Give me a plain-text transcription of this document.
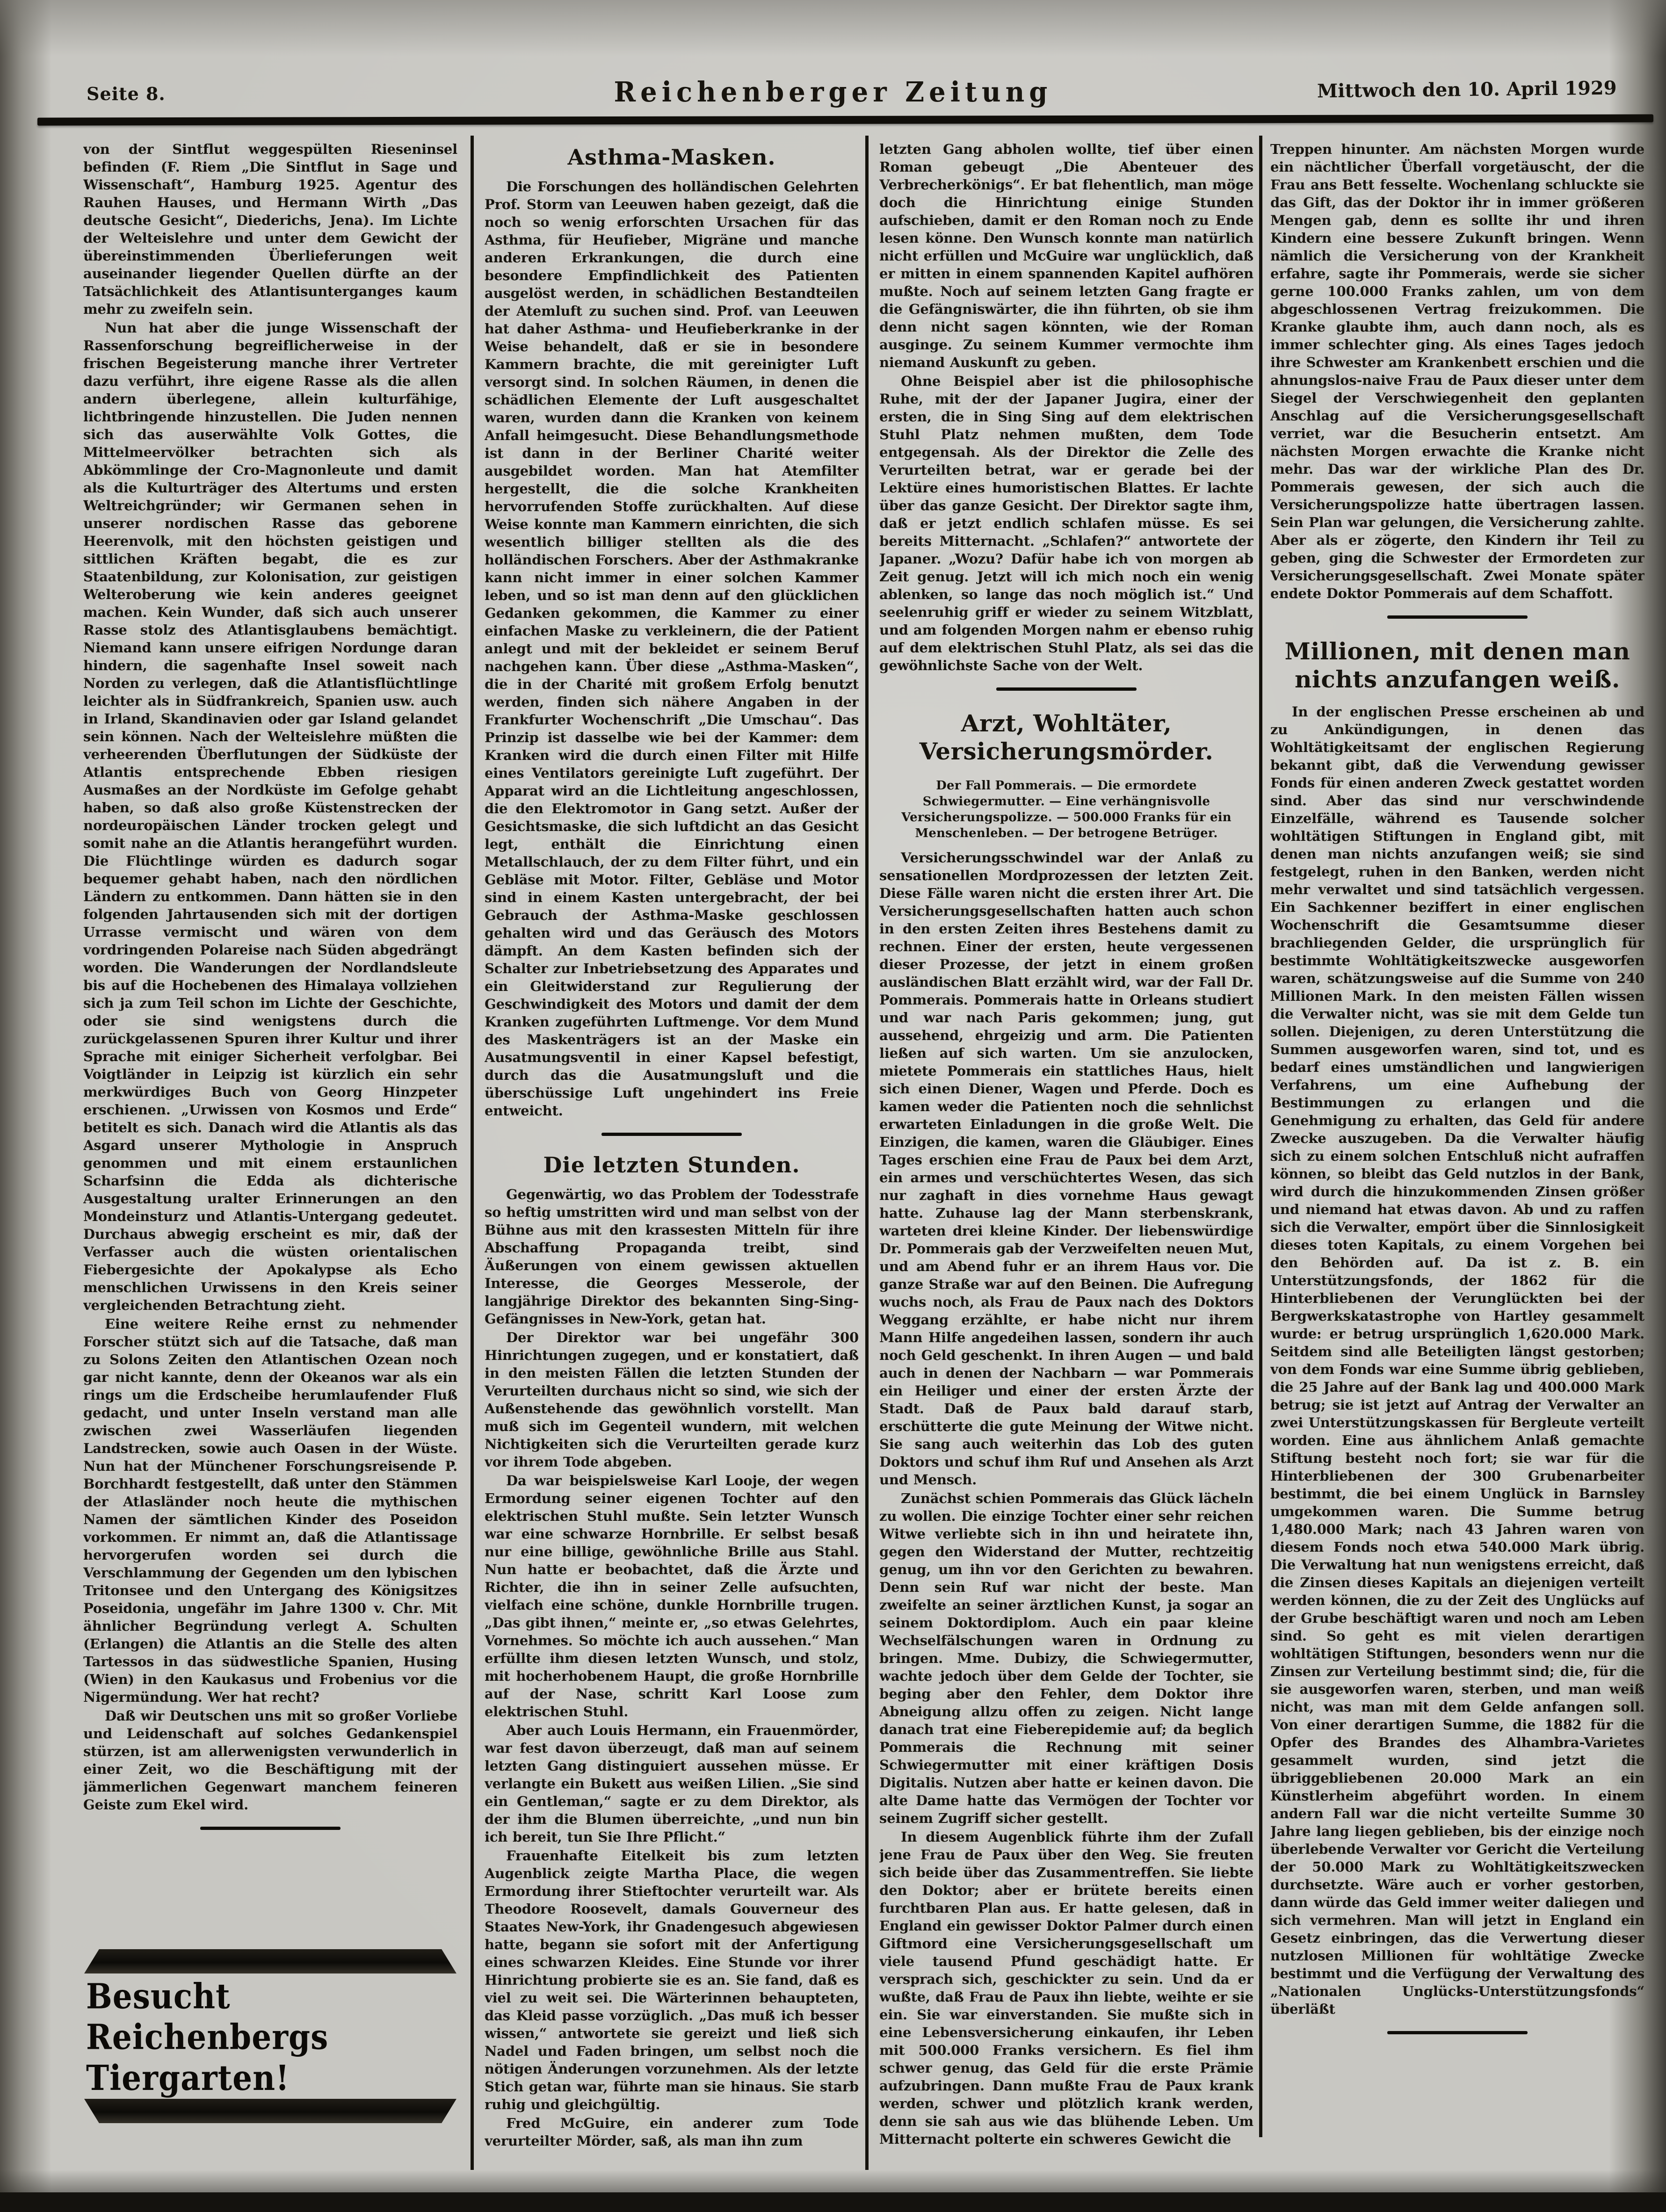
Seite 8.	Reichenberger Zeitung	Mittwoch den 10. April 1929
von der Sintflut weggespülten Rieseninsel befinden (F. Riem „Die Sintflut in Sage und Wissenschaft“, Hamburg 1925. Agentur des Rauhen Hauses, und Hermann Wirth „Das deutsche Gesicht“, Diederichs, Jena). Im Lichte der Welteislehre und unter dem Gewicht der übereinstimmenden Überlieferungen weit auseinander liegender Quellen dürfte an der Tatsächlichkeit des Atlantisunterganges kaum mehr zu zweifeln sein.
Nun hat aber die junge Wissenschaft der Rassenforschung begreiflicherweise in der frischen Begeisterung manche ihrer Vertreter dazu verführt, ihre eigene Rasse als die allen andern überlegene, allein kulturfähige, lichtbringende hinzustellen. Die Juden nennen sich das auserwählte Volk Gottes, die Mittelmeervölker betrachten sich als Abkömmlinge der Cro-Magnonleute und damit als die Kulturträger des Altertums und ersten Weltreichgründer; wir Germanen sehen in unserer nordischen Rasse das geborene Heerenvolk, mit den höchsten geistigen und sittlichen Kräften begabt, die es zur Staatenbildung, zur Kolonisation, zur geistigen Welteroberung wie kein anderes geeignet machen. Kein Wunder, daß sich auch unserer Rasse stolz des Atlantisglaubens bemächtigt. Niemand kann unsere eifrigen Nordunge daran hindern, die sagenhafte Insel soweit nach Norden zu verlegen, daß die Atlantisflüchtlinge leichter als in Südfrankreich, Spanien usw. auch in Irland, Skandinavien oder gar Island gelandet sein können. Nach der Welteislehre müßten die verheerenden Überflutungen der Südküste der Atlantis entsprechende Ebben riesigen Ausmaßes an der Nordküste im Gefolge gehabt haben, so daß also große Küstenstrecken der nordeuropäischen Länder trocken gelegt und somit nahe an die Atlantis herangeführt wurden. Die Flüchtlinge würden es dadurch sogar bequemer gehabt haben, nach den nördlichen Ländern zu entkommen. Dann hätten sie in den folgenden Jahrtausenden sich mit der dortigen Urrasse vermischt und wären von dem vordringenden Polareise nach Süden abgedrängt worden. Die Wanderungen der Nordlandsleute bis auf die Hochebenen des Himalaya vollziehen sich ja zum Teil schon im Lichte der Geschichte, oder sie sind wenigstens durch die zurückgelassenen Spuren ihrer Kultur und ihrer Sprache mit einiger Sicherheit verfolgbar. Bei Voigtländer in Leipzig ist kürzlich ein sehr merkwürdiges Buch von Georg Hinzpeter erschienen. „Urwissen von Kosmos und Erde“ betitelt es sich. Danach wird die Atlantis als das Asgard unserer Mythologie in Anspruch genommen und mit einem erstaunlichen Scharfsinn die Edda als dichterische Ausgestaltung uralter Erinnerungen an den Mondeinsturz und Atlantis-Untergang gedeutet. Durchaus abwegig erscheint es mir, daß der Verfasser auch die wüsten orientalischen Fiebergesichte der Apokalypse als Echo menschlichen Urwissens in den Kreis seiner vergleichenden Betrachtung zieht.
Eine weitere Reihe ernst zu nehmender Forscher stützt sich auf die Tatsache, daß man zu Solons Zeiten den Atlantischen Ozean noch gar nicht kannte, denn der Okeanos war als ein rings um die Erdscheibe herumlaufender Fluß gedacht, und unter Inseln verstand man alle zwischen zwei Wasserläufen liegenden Landstrecken, sowie auch Oasen in der Wüste. Nun hat der Münchener Forschungsreisende P. Borchhardt festgestellt, daß unter den Stämmen der Atlasländer noch heute die mythischen Namen der sämtlichen Kinder des Poseidon vorkommen. Er nimmt an, daß die Atlantissage hervorgerufen worden sei durch die Verschlammung der Gegenden um den lybischen Tritonsee und den Untergang des Königsitzes Poseidonia, ungefähr im Jahre 1300 v. Chr. Mit ähnlicher Begründung verlegt A. Schulten (Erlangen) die Atlantis an die Stelle des alten Tartessos in das südwestliche Spanien, Husing (Wien) in den Kaukasus und Frobenius vor die Nigermündung. Wer hat recht?
Daß wir Deutschen uns mit so großer Vorliebe und Leidenschaft auf solches Gedankenspiel stürzen, ist am allerwenigsten verwunderlich in einer Zeit, wo die Beschäftigung mit der jämmerlichen Gegenwart manchem feineren Geiste zum Ekel wird.
Besucht Reichenbergs Tiergarten!
Asthma-Masken.
Die Forschungen des holländischen Gelehrten Prof. Storm van Leeuwen haben gezeigt, daß die noch so wenig erforschten Ursachen für das Asthma, für Heufieber, Migräne und manche anderen Erkrankungen, die durch eine besondere Empfindlichkeit des Patienten ausgelöst werden, in schädlichen Bestandteilen der Atemluft zu suchen sind. Prof. van Leeuwen hat daher Asthma- und Heufieberkranke in der Weise behandelt, daß er sie in besondere Kammern brachte, die mit gereinigter Luft versorgt sind. In solchen Räumen, in denen die schädlichen Elemente der Luft ausgeschaltet waren, wurden dann die Kranken von keinem Anfall heimgesucht. Diese Behandlungsmethode ist dann in der Berliner Charité weiter ausgebildet worden. Man hat Atemfilter hergestellt, die die solche Krankheiten hervorrufenden Stoffe zurückhalten. Auf diese Weise konnte man Kammern einrichten, die sich wesentlich billiger stellten als die des holländischen Forschers. Aber der Asthmakranke kann nicht immer in einer solchen Kammer leben, und so ist man denn auf den glücklichen Gedanken gekommen, die Kammer zu einer einfachen Maske zu verkleinern, die der Patient anlegt und mit der bekleidet er seinem Beruf nachgehen kann. Über diese „Asthma-Masken“, die in der Charité mit großem Erfolg benutzt werden, finden sich nähere Angaben in der Frankfurter Wochenschrift „Die Umschau“. Das Prinzip ist dasselbe wie bei der Kammer: dem Kranken wird die durch einen Filter mit Hilfe eines Ventilators gereinigte Luft zugeführt. Der Apparat wird an die Lichtleitung angeschlossen, die den Elektromotor in Gang setzt. Außer der Gesichtsmaske, die sich luftdicht an das Gesicht legt, enthält die Einrichtung einen Metallschlauch, der zu dem Filter führt, und ein Gebläse mit Motor. Filter, Gebläse und Motor sind in einem Kasten untergebracht, der bei Gebrauch der Asthma-Maske geschlossen gehalten wird und das Geräusch des Motors dämpft. An dem Kasten befinden sich der Schalter zur Inbetriebsetzung des Apparates und ein Gleitwiderstand zur Regulierung der Geschwindigkeit des Motors und damit der dem Kranken zugeführten Luftmenge. Vor dem Mund des Maskenträgers ist an der Maske ein Ausatmungsventil in einer Kapsel befestigt, durch das die Ausatmungsluft und die überschüssige Luft ungehindert ins Freie entweicht.
Die letzten Stunden.
Gegenwärtig, wo das Problem der Todesstrafe so heftig umstritten wird und man selbst von der Bühne aus mit den krassesten Mitteln für ihre Abschaffung Propaganda treibt, sind Äußerungen von einem gewissen aktuellen Interesse, die Georges Messerole, der langjährige Direktor des bekannten Sing-Sing-Gefängnisses in New-York, getan hat.
Der Direktor war bei ungefähr 300 Hinrichtungen zugegen, und er konstatiert, daß in den meisten Fällen die letzten Stunden der Verurteilten durchaus nicht so sind, wie sich der Außenstehende das gewöhnlich vorstellt. Man muß sich im Gegenteil wundern, mit welchen Nichtigkeiten sich die Verurteilten gerade kurz vor ihrem Tode abgeben.
Da war beispielsweise Karl Looje, der wegen Ermordung seiner eigenen Tochter auf den elektrischen Stuhl mußte. Sein letzter Wunsch war eine schwarze Hornbrille. Er selbst besaß nur eine billige, gewöhnliche Brille aus Stahl. Nun hatte er beobachtet, daß die Ärzte und Richter, die ihn in seiner Zelle aufsuchten, vielfach eine schöne, dunkle Hornbrille trugen. „Das gibt ihnen,“ meinte er, „so etwas Gelehrtes, Vornehmes. So möchte ich auch aussehen.“ Man erfüllte ihm diesen letzten Wunsch, und stolz, mit hocherhobenem Haupt, die große Hornbrille auf der Nase, schritt Karl Loose zum elektrischen Stuhl.
Aber auch Louis Hermann, ein Frauenmörder, war fest davon überzeugt, daß man auf seinem letzten Gang distinguiert aussehen müsse. Er verlangte ein Bukett aus weißen Lilien. „Sie sind ein Gentleman,“ sagte er zu dem Direktor, als der ihm die Blumen überreichte, „und nun bin ich bereit, tun Sie Ihre Pflicht.“
Frauenhafte Eitelkeit bis zum letzten Augenblick zeigte Martha Place, die wegen Ermordung ihrer Stieftochter verurteilt war. Als Theodore Roosevelt, damals Gouverneur des Staates New-York, ihr Gnadengesuch abgewiesen hatte, begann sie sofort mit der Anfertigung eines schwarzen Kleides. Eine Stunde vor ihrer Hinrichtung probierte sie es an. Sie fand, daß es viel zu weit sei. Die Wärterinnen behaupteten, das Kleid passe vorzüglich. „Das muß ich besser wissen,“ antwortete sie gereizt und ließ sich Nadel und Faden bringen, um selbst noch die nötigen Änderungen vorzunehmen. Als der letzte Stich getan war, führte man sie hinaus. Sie starb ruhig und gleichgültig.
Fred McGuire, ein anderer zum Tode verurteilter Mörder, saß, als man ihn zum
letzten Gang abholen wollte, tief über einen Roman gebeugt „Die Abenteuer des Verbrecherkönigs“. Er bat flehentlich, man möge doch die Hinrichtung einige Stunden aufschieben, damit er den Roman noch zu Ende lesen könne. Den Wunsch konnte man natürlich nicht erfüllen und McGuire war unglücklich, daß er mitten in einem spannenden Kapitel aufhören mußte. Noch auf seinem letzten Gang fragte er die Gefängniswärter, die ihn führten, ob sie ihm denn nicht sagen könnten, wie der Roman ausginge. Zu seinem Kummer vermochte ihm niemand Auskunft zu geben.
Ohne Beispiel aber ist die philosophische Ruhe, mit der der Japaner Jugira, einer der ersten, die in Sing Sing auf dem elektrischen Stuhl Platz nehmen mußten, dem Tode entgegensah. Als der Direktor die Zelle des Verurteilten betrat, war er gerade bei der Lektüre eines humoristischen Blattes. Er lachte über das ganze Gesicht. Der Direktor sagte ihm, daß er jetzt endlich schlafen müsse. Es sei bereits Mitternacht. „Schlafen?“ antwortete der Japaner. „Wozu? Dafür habe ich von morgen ab Zeit genug. Jetzt will ich mich noch ein wenig ablenken, so lange das noch möglich ist.“ Und seelenruhig griff er wieder zu seinem Witzblatt, und am folgenden Morgen nahm er ebenso ruhig auf dem elektrischen Stuhl Platz, als sei das die gewöhnlichste Sache von der Welt.
Arzt, Wohltäter, Versicherungsmörder.
Der Fall Pommerais. — Die ermordete Schwiegermutter. — Eine verhängnisvolle Versicherungspolizze. — 500.000 Franks für ein Menschenleben. — Der betrogene Betrüger.
Versicherungsschwindel war der Anlaß zu sensationellen Mordprozessen der letzten Zeit. Diese Fälle waren nicht die ersten ihrer Art. Die Versicherungsgesellschaften hatten auch schon in den ersten Zeiten ihres Bestehens damit zu rechnen. Einer der ersten, heute vergessenen dieser Prozesse, der jetzt in einem großen ausländischen Blatt erzählt wird, war der Fall Dr. Pommerais. Pommerais hatte in Orleans studiert und war nach Paris gekommen; jung, gut aussehend, ehrgeizig und arm. Die Patienten ließen auf sich warten. Um sie anzulocken, mietete Pommerais ein stattliches Haus, hielt sich einen Diener, Wagen und Pferde. Doch es kamen weder die Patienten noch die sehnlichst erwarteten Einladungen in die große Welt. Die Einzigen, die kamen, waren die Gläubiger. Eines Tages erschien eine Frau de Paux bei dem Arzt, ein armes und verschüchtertes Wesen, das sich nur zaghaft in dies vornehme Haus gewagt hatte. Zuhause lag der Mann sterbenskrank, warteten drei kleine Kinder. Der liebenswürdige Dr. Pommerais gab der Verzweifelten neuen Mut, und am Abend fuhr er an ihrem Haus vor. Die ganze Straße war auf den Beinen. Die Aufregung wuchs noch, als Frau de Paux nach des Doktors Weggang erzählte, er habe nicht nur ihrem Mann Hilfe angedeihen lassen, sondern ihr auch noch Geld geschenkt. In ihren Augen — und bald auch in denen der Nachbarn — war Pommerais ein Heiliger und einer der ersten Ärzte der Stadt. Daß de Paux bald darauf starb, erschütterte die gute Meinung der Witwe nicht. Sie sang auch weiterhin das Lob des guten Doktors und schuf ihm Ruf und Ansehen als Arzt und Mensch.
Zunächst schien Pommerais das Glück lächeln zu wollen. Die einzige Tochter einer sehr reichen Witwe verliebte sich in ihn und heiratete ihn, gegen den Widerstand der Mutter, rechtzeitig genug, um ihn vor den Gerichten zu bewahren. Denn sein Ruf war nicht der beste. Man zweifelte an seiner ärztlichen Kunst, ja sogar an seinem Doktordiplom. Auch ein paar kleine Wechselfälschungen waren in Ordnung zu bringen. Mme. Dubizy, die Schwiegermutter, wachte jedoch über dem Gelde der Tochter, sie beging aber den Fehler, dem Doktor ihre Abneigung allzu offen zu zeigen. Nicht lange danach trat eine Fieberepidemie auf; da beglich Pommerais die Rechnung mit seiner Schwiegermutter mit einer kräftigen Dosis Digitalis. Nutzen aber hatte er keinen davon. Die alte Dame hatte das Vermögen der Tochter vor seinem Zugriff sicher gestellt.
In diesem Augenblick führte ihm der Zufall jene Frau de Paux über den Weg. Sie freuten sich beide über das Zusammentreffen. Sie liebte den Doktor; aber er brütete bereits einen furchtbaren Plan aus. Er hatte gelesen, daß in England ein gewisser Doktor Palmer durch einen Giftmord eine Versicherungsgesellschaft um viele tausend Pfund geschädigt hatte. Er versprach sich, geschickter zu sein. Und da er wußte, daß Frau de Paux ihn liebte, weihte er sie ein. Sie war einverstanden. Sie mußte sich in eine Lebensversicherung einkaufen, ihr Leben mit 500.000 Franks versichern. Es fiel ihm schwer genug, das Geld für die erste Prämie aufzubringen. Dann mußte Frau de Paux krank werden, schwer und plötzlich krank werden, denn sie sah aus wie das blühende Leben. Um Mitternacht polterte ein schweres Gewicht die
Treppen hinunter. Am nächsten Morgen wurde ein nächtlicher Überfall vorgetäuscht, der die Frau ans Bett fesselte. Wochenlang schluckte sie das Gift, das der Doktor ihr in immer größeren Mengen gab, denn es sollte ihr und ihren Kindern eine bessere Zukunft bringen. Wenn nämlich die Versicherung von der Krankheit erfahre, sagte ihr Pommerais, werde sie sicher gerne 100.000 Franks zahlen, um von dem abgeschlossenen Vertrag freizukommen. Die Kranke glaubte ihm, auch dann noch, als es immer schlechter ging. Als eines Tages jedoch ihre Schwester am Krankenbett erschien und die ahnungslos-naive Frau de Paux dieser unter dem Siegel der Verschwiegenheit den geplanten Anschlag auf die Versicherungsgesellschaft verriet, war die Besucherin entsetzt. Am nächsten Morgen erwachte die Kranke nicht mehr. Das war der wirkliche Plan des Dr. Pommerais gewesen, der sich auch die Versicherungspolizze hatte übertragen lassen. Sein Plan war gelungen, die Versicherung zahlte. Aber als er zögerte, den Kindern ihr Teil zu geben, ging die Schwester der Ermordeten zur Versicherungsgesellschaft. Zwei Monate später endete Doktor Pommerais auf dem Schaffott.
Millionen, mit denen man nichts anzufangen weiß.
In der englischen Presse erscheinen ab und zu Ankündigungen, in denen das Wohltätigkeitsamt der englischen Regierung bekannt gibt, daß die Verwendung gewisser Fonds für einen anderen Zweck gestattet worden sind. Aber das sind nur verschwindende Einzelfälle, während es Tausende solcher wohltätigen Stiftungen in England gibt, mit denen man nichts anzufangen weiß; sie sind festgelegt, ruhen in den Banken, werden nicht mehr verwaltet und sind tatsächlich vergessen. Ein Sachkenner beziffert in einer englischen Wochenschrift die Gesamtsumme dieser brachliegenden Gelder, die ursprünglich für bestimmte Wohltätigkeitszwecke ausgeworfen waren, schätzungsweise auf die Summe von 240 Millionen Mark. In den meisten Fällen wissen die Verwalter nicht, was sie mit dem Gelde tun sollen. Diejenigen, zu deren Unterstützung die Summen ausgeworfen waren, sind tot, und es bedarf eines umständlichen und langwierigen Verfahrens, um eine Aufhebung der Bestimmungen zu erlangen und die Genehmigung zu erhalten, das Geld für andere Zwecke auszugeben. Da die Verwalter häufig sich zu einem solchen Entschluß nicht aufraffen können, so bleibt das Geld nutzlos in der Bank, wird durch die hinzukommenden Zinsen größer und niemand hat etwas davon. Ab und zu raffen sich die Verwalter, empört über die Sinnlosigkeit dieses toten Kapitals, zu einem Vorgehen bei den Behörden auf. Da ist z. B. ein Unterstützungsfonds, der 1862 für die Hinterbliebenen der Verunglückten bei der Bergwerkskatastrophe von Hartley gesammelt wurde: er betrug ursprünglich 1,620.000 Mark. Seitdem sind alle Beteiligten längst gestorben; von dem Fonds war eine Summe übrig geblieben, die 25 Jahre auf der Bank lag und 400.000 Mark betrug; sie ist jetzt auf Antrag der Verwalter an zwei Unterstützungskassen für Bergleute verteilt worden. Eine aus ähnlichem Anlaß gemachte Stiftung besteht noch fort; sie war für die Hinterbliebenen der 300 Grubenarbeiter bestimmt, die bei einem Unglück in Barnsley umgekommen waren. Die Summe betrug 1,480.000 Mark; nach 43 Jahren waren von diesem Fonds noch etwa 540.000 Mark übrig. Die Verwaltung hat nun wenigstens erreicht, daß die Zinsen dieses Kapitals an diejenigen verteilt werden können, die zu der Zeit des Unglücks auf der Grube beschäftigt waren und noch am Leben sind. So geht es mit vielen derartigen wohltätigen Stiftungen, besonders wenn nur die Zinsen zur Verteilung bestimmt sind; die, für die sie ausgeworfen waren, sterben, und man weiß nicht, was man mit dem Gelde anfangen soll. Von einer derartigen Summe, die 1882 für die Opfer des Brandes des Alhambra-Varietes gesammelt wurden, sind jetzt die übriggebliebenen 20.000 Mark an ein Künstlerheim abgeführt worden. In einem andern Fall war die nicht verteilte Summe 30 Jahre lang liegen geblieben, bis der einzige noch überlebende Verwalter vor Gericht die Verteilung der 50.000 Mark zu Wohltätigkeitszwecken durchsetzte. Wäre auch er vorher gestorben, dann würde das Geld immer weiter daliegen und sich vermehren. Man will jetzt in England ein Gesetz einbringen, das die Verwertung dieser nutzlosen Millionen für wohltätige Zwecke bestimmt und die Verfügung der Verwaltung des „Nationalen Unglücks-Unterstützungsfonds“ überläßt
